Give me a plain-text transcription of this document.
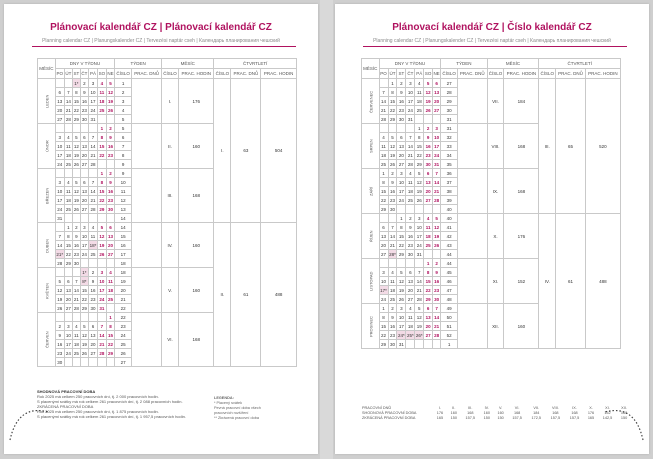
Plánovací kalendář CZ | Plánovací kalendář CZ
Planning calendar CZ | Planungskalender CZ | Tervezési naptár cseh | Календарь планирования чешский
MĚSÍC	DNY V TÝDNU							TÝDEN		MĚSÍC		ČTVRTLETÍ		
	PO	ÚT	ST	ČT	PÁ	SO	NE	ČÍSLO	PRAC. DNŮ	ČÍSLO	PRAC. HODIN	ČÍSLO	PRAC. DNŮ	PRAC. HODIN
LEDEN			1*	2	3	4	5	1		I.	176	I.	63	504
	6	7	8	9	10	11	12	2						
	13	14	15	16	17	18	19	3						
	20	21	22	23	24	25	26	4						
	27	28	29	30	31			5						
ÚNOR						1	2	5		II.	160			
	3	4	5	6	7	8	9	6						
	10	11	12	13	14	15	16	7						
	17	18	19	20	21	22	23	8						
	24	25	26	27	28			9						
BŘEZEN						1	2	9		III.	168			
	3	4	5	6	7	8	9	10						
	10	11	12	13	14	15	16	11						
	17	18	19	20	21	22	23	12						
	24	25	26	27	28	29	30	13						
	31							14						
DUBEN		1	2	3	4	5	6	14		IV.	160	II.	61	488
	7	8	9	10	11	12	13	15						
	14	15	16	17	18*	19	20	16						
	21*	22	23	24	25	26	27	17						
	28	29	30					18						
KVĚTEN				1*	2	3	4	18		V.	160			
	5	6	7	8*	9	10	11	19						
	12	13	14	15	16	17	18	20						
	19	20	21	22	23	24	25	21						
	26	27	28	29	30	31		22						
ČERVEN							1	22		VI.	168			
	2	3	4	5	6	7	8	23						
	9	10	11	12	13	14	15	24						
	16	17	18	19	20	21	22	25						
	23	24	25	26	27	28	29	26						
	30							27						
SHODNOVÁ PRACOVNÍ DOBA
Rok 2025 má celkem 250 pracovních dní, tj. 2 000 pracovních hodin.
S placenými svátky má rok celkem 261 pracovních dní, tj. 2 088 pracovních hodin.
ZKRÁCENÁ PRACOVNÍ DOBA
Rok 2025 má celkem 250 pracovních dní, tj. 1 875 pracovních hodin.
S placenými svátky má rok celkem 261 pracovních dní, tj. 1 957,5 pracovních hodin.
LEGENDA:
* Placený svátek
Pevná pracovní doba všech
pracovních rozšíření
** Zkrácená pracovní doba
Plánovací kalendář CZ | Číslo kalendář CZ
Planning calendar CZ | Planungskalender CZ | Tervezési naptár cseh | Календарь планирования чешский
MĚSÍC	DNY V TÝDNU							TÝDEN		MĚSÍC		ČTVRTLETÍ		
	PO	ÚT	ST	ČT	PÁ	SO	NE	ČÍSLO	PRAC. DNŮ	ČÍSLO	PRAC. HODIN	ČÍSLO	PRAC. DNŮ	PRAC. HODIN
ČERVENEC		1	2	3	4	5	6	27		VII.	184	III.	65	520
	7	8	9	10	11	12	13	28						
	14	15	16	17	18	19	20	29						
	21	22	23	24	25	26	27	30						
	28	29	30	31				31						
SRPEN					1	2	3	31		VIII.	168			
	4	5	6	7	8	9	10	32						
	11	12	13	14	15	16	17	33						
	18	19	20	21	22	23	24	34						
	25	26	27	28	29	30	31	35						
ZÁŘÍ	1	2	3	4	5	6	7	36		IX.	168			
	8	9	10	11	12	13	14	37						
	15	16	17	18	19	20	21	38						
	22	23	24	25	26	27	28	39						
	29	30						40						
ŘÍJEN			1	2	3	4	5	40		X.	176	IV.	61	488
	6	7	8	9	10	11	12	41						
	13	14	15	16	17	18	19	42						
	20	21	22	23	24	25	26	43						
	27	28*	29	30	31			44						
LISTOPAD						1	2	44		XI.	152			
	3	4	5	6	7	8	9	45						
	10	11	12	13	14	15	16	46						
	17*	18	19	20	21	22	23	47						
	24	25	26	27	28	29	30	48						
PROSINEC	1	2	3	4	5	6	7	49		XII.	160			
	8	9	10	11	12	13	14	50						
	15	16	17	18	19	20	21	51						
	22	23	24*	25*	26*	27	28	52						
	29	30	31					1						
PRACOVNÍ DNŮ	I.	II.	III.	IV.	V.	VI.	VII.	VIII.	IX.	X.	XI.	XII.
SHODNOVÁ PRACOVNÍ DOBA	176	160	168	160	160	168	184	168	168	176	152	160
ZKRÁCENÁ PRACOVNÍ DOBA	165	150	157,5	150	150	157,5	172,5	157,5	157,5	165	142,5	150
